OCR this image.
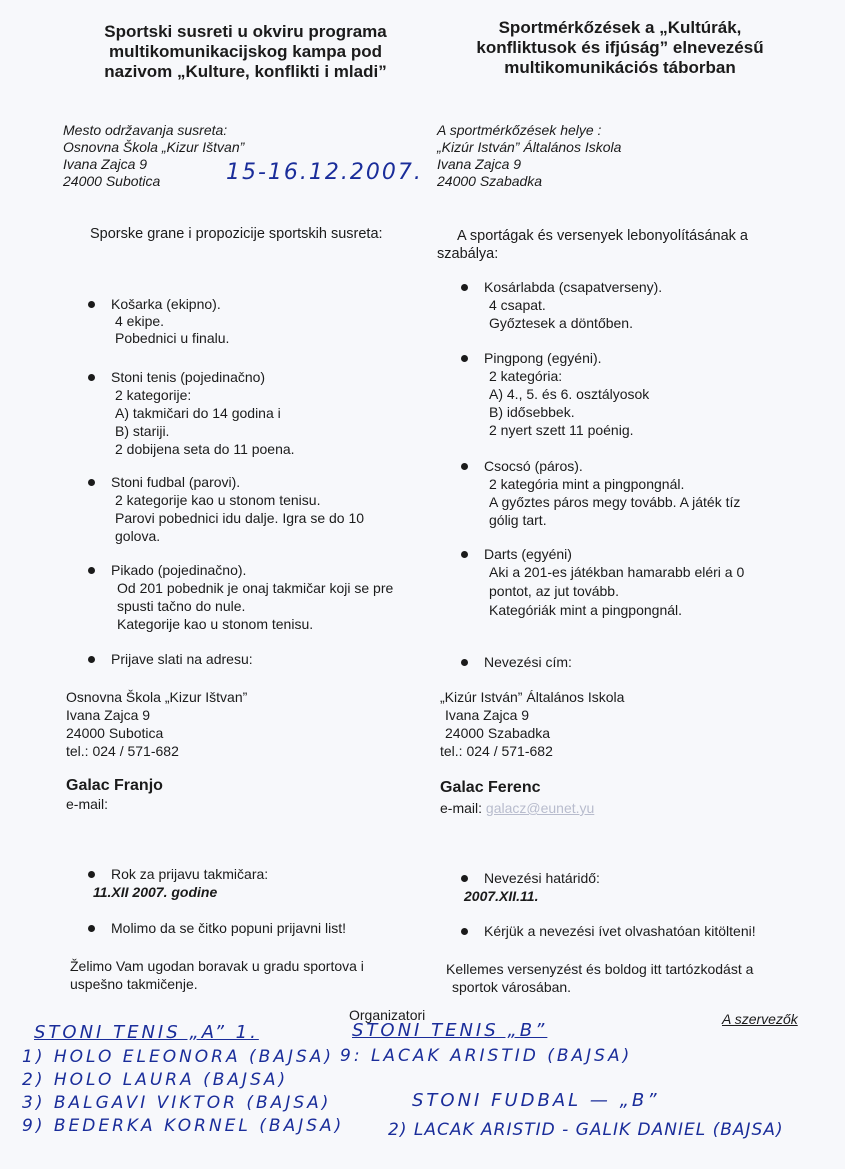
Sportski susreti u okviru programa
multikomunikacijskog kampa pod
nazivom „Kulture, konflikti i mladi”
Sportmérkőzések a „Kultúrák,
konfliktusok és ifjúság” elnevezésű
multikomunikációs táborban
Mesto održavanja susreta:
Osnovna Škola „Kizur Ištvan”
Ivana Zajca 9
24000 Subotica
A sportmérkőzések helye :
„Kizúr István” Általános Iskola
Ivana Zajca 9
24000 Szabadka
15-16.12.2007.
Sporske grane i propozicije sportskih susreta:	A sportágak és versenyek lebonyolításának a
szabálya:
Košarka (ekipno).
4 ekipe.
Pobednici u finalu.
Stoni tenis (pojedinačno)
2 kategorije:
A) takmičari do 14 godina i
B) stariji.
2 dobijena seta do 11 poena.
Stoni fudbal (parovi).
2 kategorije kao u stonom tenisu.
Parovi pobednici idu dalje. Igra se do 10
golova.
Pikado (pojedinačno).
Od 201 pobednik je onaj takmičar koji se pre
spusti tačno do nule.
Kategorije kao u stonom tenisu.
Kosárlabda (csapatverseny).
4 csapat.
Győztesek a döntőben.
Pingpong (egyéni).
2 kategória:
A) 4., 5. és 6. osztályosok
B) idősebbek.
2 nyert szett 11 poénig.
Csocsó (páros).
2 kategória mint a pingpongnál.
A győztes páros megy tovább. A játék tíz
gólig tart.
Darts (egyéni)
Aki a 201-es játékban hamarabb eléri a 0
pontot, az jut tovább.
Kategóriák mint a pingpongnál.
Prijave slati na adresu:	Nevezési cím:
Osnovna Škola „Kizur Ištvan”
Ivana Zajca 9
24000 Subotica
tel.: 024 / 571-682
„Kizúr István” Általános Iskola
Ivana Zajca 9
24000 Szabadka
tel.: 024 / 571-682
Galac Franjo
e-mail:
Galac Ferenc
e-mail: galacz@eunet.yu
Rok za prijavu takmičara:
11.XII 2007. godine
Nevezési határidő:
2007.XII.11.
Molimo da se čitko popuni prijavni list!	Kérjük a nevezési ívet olvashatóan kitölteni!
Želimo Vam ugodan boravak u gradu sportova i
uspešno takmičenje.
Kellemes versenyzést és boldog itt tartózkodást a
sportok városában.
Organizatori	A szervezők
STONI TENIS „A” 1.
1) HOLO ELEONORA (BAJSA)
2) HOLO LAURA (BAJSA)
3) BALGAVI VIKTOR (BAJSA)
9) BEDERKA KORNEL (BAJSA)
STONI TENIS „B”
9: LACAK ARISTID (BAJSA)
STONI FUDBAL — „B”
2) LACAK ARISTID - GALIK DANIEL (BAJSA)
